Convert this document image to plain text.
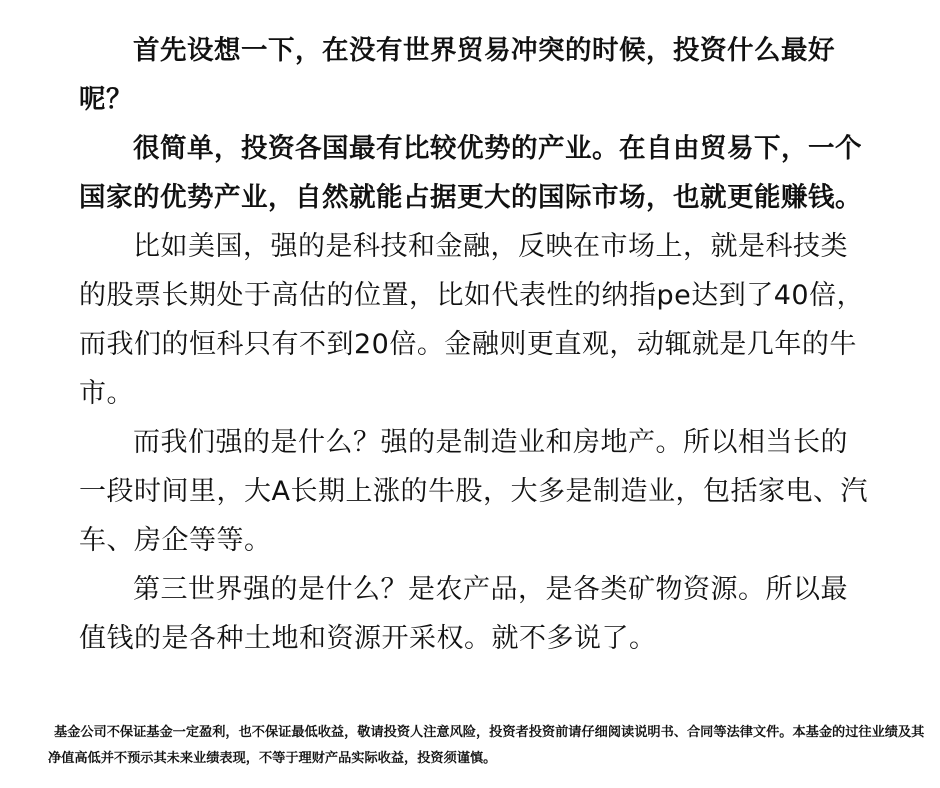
首先设想一下，在没有世界贸易冲突的时候，投资什么最好呢？

很简单，投资各国最有比较优势的产业。在自由贸易下，一个国家的优势产业，自然就能占据更大的国际市场，也就更能赚钱。

比如美国，强的是科技和金融，反映在市场上，就是科技类的股票长期处于高估的位置，比如代表性的纳指pe达到了40倍，而我们的恒科只有不到20倍。金融则更直观，动辄就是几年的牛市。

而我们强的是什么？强的是制造业和房地产。所以相当长的一段时间里，大A长期上涨的牛股，大多是制造业，包括家电、汽车、房企等等。

第三世界强的是什么？是农产品，是各类矿物资源。所以最值钱的是各种土地和资源开采权。就不多说了。

基金公司不保证基金一定盈利，也不保证最低收益，敬请投资人注意风险，投资者投资前请仔细阅读说明书、合同等法律文件。本基金的过往业绩及其净值高低并不预示其未来业绩表现，不等于理财产品实际收益，投资须谨慎。
